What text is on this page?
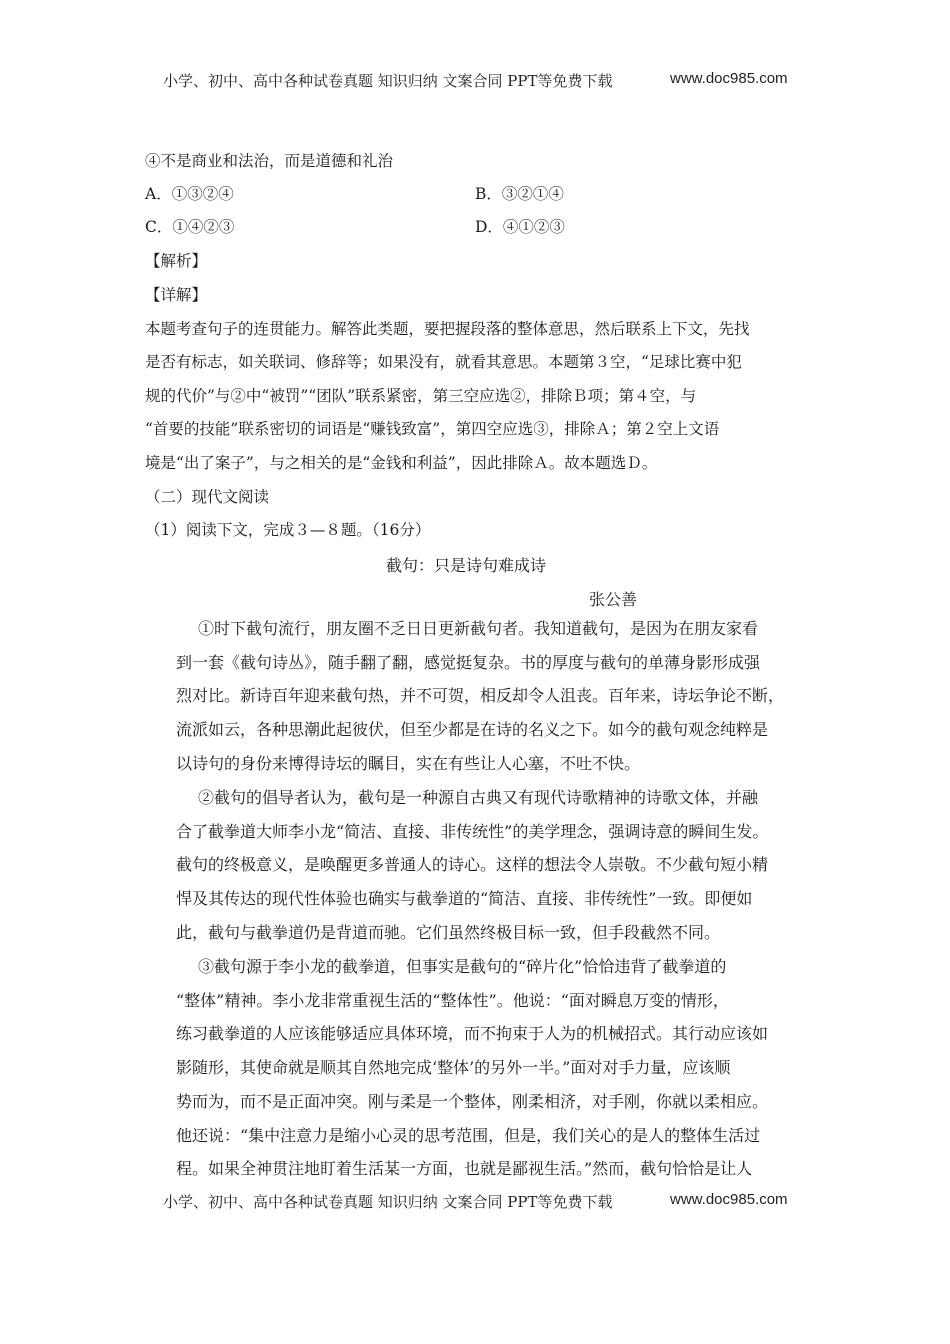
小学、初中、高中各种试卷真题 知识归纳 文案合同 PPT等免费下载	www.doc985.com
④不是商业和法治，而是道德和礼治
A．①③②④	B．③②①④
C．①④②③	D．④①②③
【解析】
【详解】
本题考查句子的连贯能力。解答此类题，要把握段落的整体意思，然后联系上下文，先找
是否有标志，如关联词、修辞等；如果没有，就看其意思。本题第３空，“足球比赛中犯
规的代价”与②中“被罚”“团队”联系紧密，第三空应选②，排除Ｂ项；第４空，与
“首要的技能”联系密切的词语是“赚钱致富”，第四空应选③，排除Ａ；第２空上文语
境是“出了案子”，与之相关的是“金钱和利益”，因此排除Ａ。故本题选Ｄ。
（二）现代文阅读
（1）阅读下文，完成３—８题。（16分）
截句：只是诗句难成诗
张公善
①时下截句流行，朋友圈不乏日日更新截句者。我知道截句，是因为在朋友家看
到一套《截句诗丛》，随手翻了翻，感觉挺复杂。书的厚度与截句的单薄身影形成强
烈对比。新诗百年迎来截句热，并不可贺，相反却令人沮丧。百年来，诗坛争论不断，
流派如云，各种思潮此起彼伏，但至少都是在诗的名义之下。如今的截句观念纯粹是
以诗句的身份来博得诗坛的瞩目，实在有些让人心塞，不吐不快。
②截句的倡导者认为，截句是一种源自古典又有现代诗歌精神的诗歌文体，并融
合了截拳道大师李小龙“简洁、直接、非传统性”的美学理念，强调诗意的瞬间生发。
截句的终极意义，是唤醒更多普通人的诗心。这样的想法令人崇敬。不少截句短小精
悍及其传达的现代性体验也确实与截拳道的“简洁、直接、非传统性”一致。即便如
此，截句与截拳道仍是背道而驰。它们虽然终极目标一致，但手段截然不同。
③截句源于李小龙的截拳道，但事实是截句的“碎片化”恰恰违背了截拳道的
“整体”精神。李小龙非常重视生活的“整体性”。他说：“面对瞬息万变的情形，
练习截拳道的人应该能够适应具体环境，而不拘束于人为的机械招式。其行动应该如
影随形，其使命就是顺其自然地完成‘整体’的另外一半。”面对对手力量，应该顺
势而为，而不是正面冲突。刚与柔是一个整体，刚柔相济，对手刚，你就以柔相应。
他还说：“集中注意力是缩小心灵的思考范围，但是，我们关心的是人的整体生活过
程。如果全神贯注地盯着生活某一方面，也就是鄙视生活。”然而，截句恰恰是让人
小学、初中、高中各种试卷真题 知识归纳 文案合同 PPT等免费下载	www.doc985.com
